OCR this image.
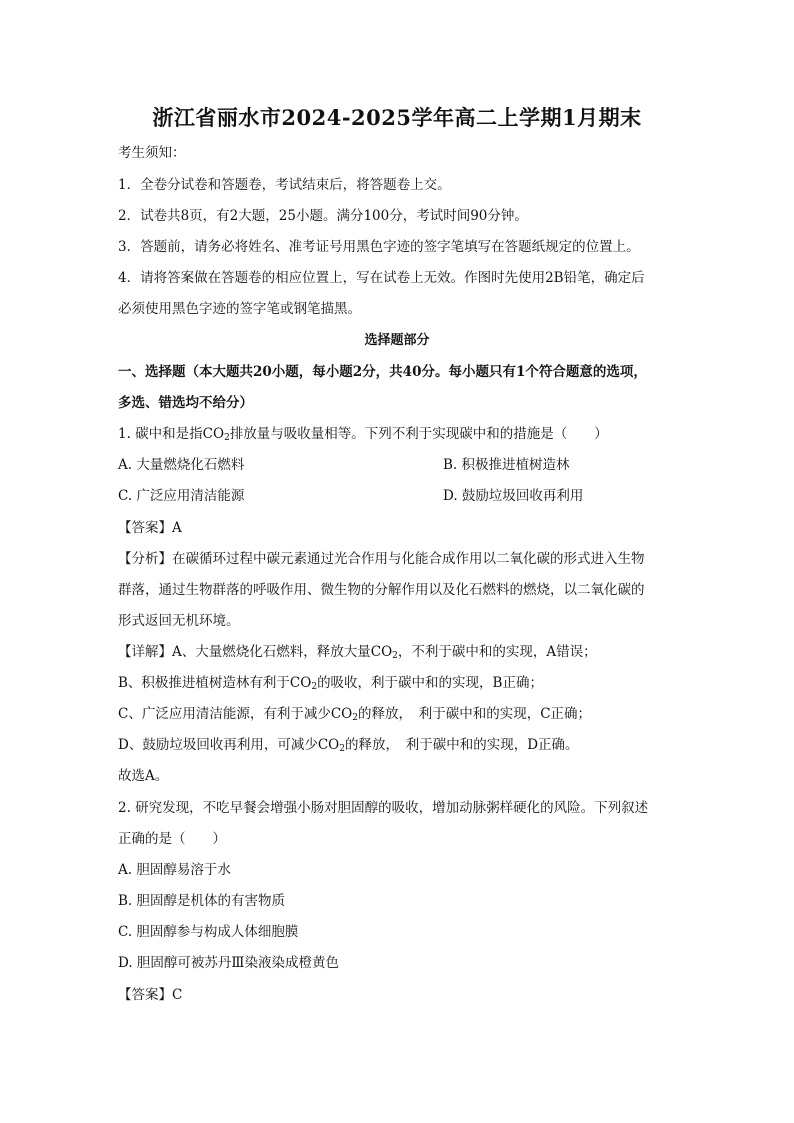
浙江省丽水市2024-2025学年高二上学期1月期末
考生须知：
1．全卷分试卷和答题卷，考试结束后，将答题卷上交。
2．试卷共8页，有2大题，25小题。满分100分，考试时间90分钟。
3．答题前，请务必将姓名、准考证号用黑色字迹的签字笔填写在答题纸规定的位置上。
4．请将答案做在答题卷的相应位置上，写在试卷上无效。作图时先使用2B铅笔，确定后
必须使用黑色字迹的签字笔或钢笔描黑。
选择题部分
一、选择题（本大题共20小题，每小题2分，共40分。每小题只有1个符合题意的选项，
多选、错选均不给分）
1. 碳中和是指$CO_2$排放量与吸收量相等。下列不利于实现碳中和的措施是（　　）
A. 大量燃烧化石燃料	B. 积极推进植树造林
C. 广泛应用清洁能源	D. 鼓励垃圾回收再利用
【答案】A
【分析】在碳循环过程中碳元素通过光合作用与化能合成作用以二氧化碳的形式进入生物
群落，通过生物群落的呼吸作用、微生物的分解作用以及化石燃料的燃烧，以二氧化碳的
形式返回无机环境。
【详解】A、大量燃烧化石燃料，释放大量$CO_2$，不利于碳中和的实现，A错误；
B、积极推进植树造林有利于$CO_2$的吸收，利于碳中和的实现，B正确；
C、广泛应用清洁能源，有利于减少$CO_2$的释放，　利于碳中和的实现，C正确；
D、鼓励垃圾回收再利用，可减少$CO_2$的释放，　利于碳中和的实现，D正确。
故选A。
2. 研究发现，不吃早餐会增强小肠对胆固醇的吸收，增加动脉粥样硬化的风险。下列叙述
正确的是（　　）
A. 胆固醇易溶于水
B. 胆固醇是机体的有害物质
C. 胆固醇参与构成人体细胞膜
D. 胆固醇可被苏丹Ⅲ染液染成橙黄色
【答案】C
